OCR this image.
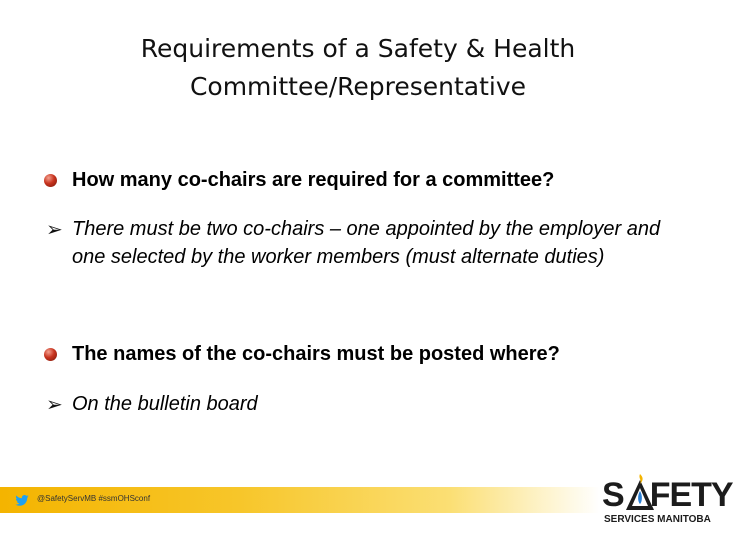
Requirements of a Safety & Health
Committee/Representative
How many co-chairs are required for a committee?
➢ There must be two co-chairs – one appointed by the employer and one selected by the worker members (must alternate duties)
The names of the co-chairs must be posted where?
➢ On the bulletin board
@SafetyServMB #ssmOHSconf	S FETY
SERVICES MANITOBA
